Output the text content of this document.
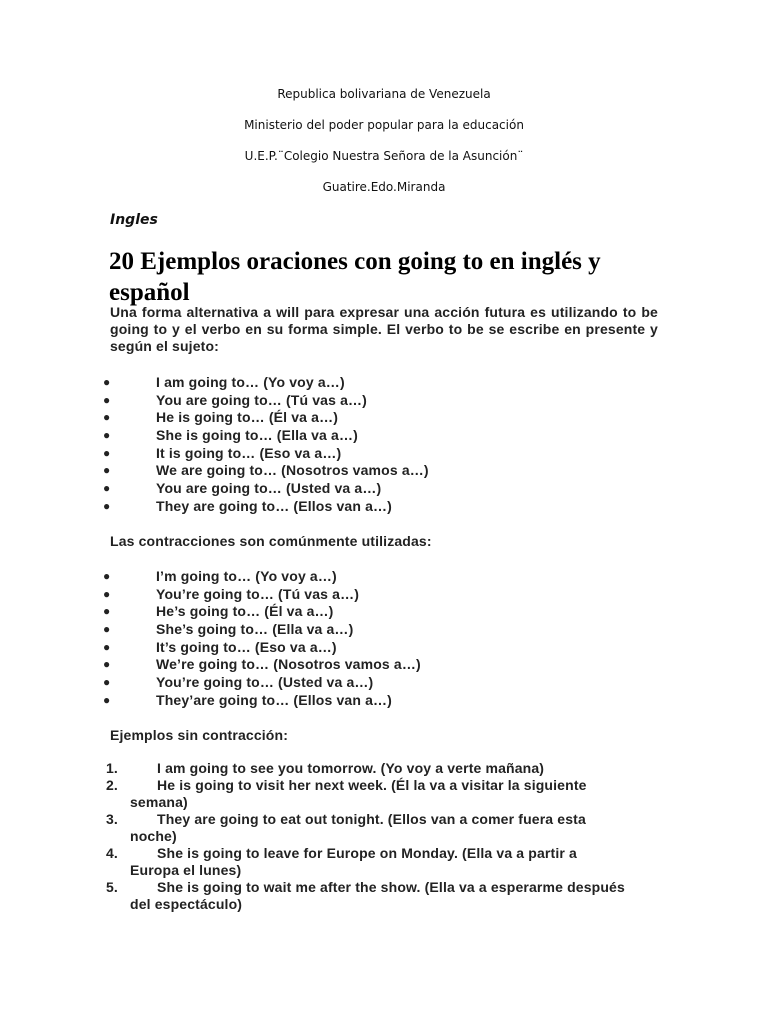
Republica bolivariana de Venezuela
Ministerio del poder popular para la educación
U.E.P.¨Colegio Nuestra Señora de la Asunción¨
Guatire.Edo.Miranda
Ingles
20 Ejemplos oraciones con going to en inglés y español
Una forma alternativa a will para expresar una acción futura es utilizando to be going to y el verbo en su forma simple. El verbo to be se escribe en presente y según el sujeto:
●	I am going to… (Yo voy a…)
●	You are going to… (Tú vas a…)
●	He is going to… (Él va a…)
●	She is going to… (Ella va a…)
●	It is going to… (Eso va a…)
●	We are going to… (Nosotros vamos a…)
●	You are going to… (Usted va a…)
●	They are going to… (Ellos van a…)
Las contracciones son comúnmente utilizadas:
●	I’m going to… (Yo voy a…)
●	You’re going to… (Tú vas a…)
●	He’s going to… (Él va a…)
●	She’s going to… (Ella va a…)
●	It’s going to… (Eso va a…)
●	We’re going to… (Nosotros vamos a…)
●	You’re going to… (Usted va a…)
●	They’are going to… (Ellos van a…)
Ejemplos sin contracción:
1.	I am going to see you tomorrow. (Yo voy a verte mañana)
2.	He is going to visit her next week. (Él la va a visitar la siguiente semana)
3.	They are going to eat out tonight. (Ellos van a comer fuera esta noche)
4.	She is going to leave for Europe on Monday. (Ella va a partir a Europa el lunes)
5.	She is going to wait me after the show. (Ella va a esperarme después del espectáculo)
